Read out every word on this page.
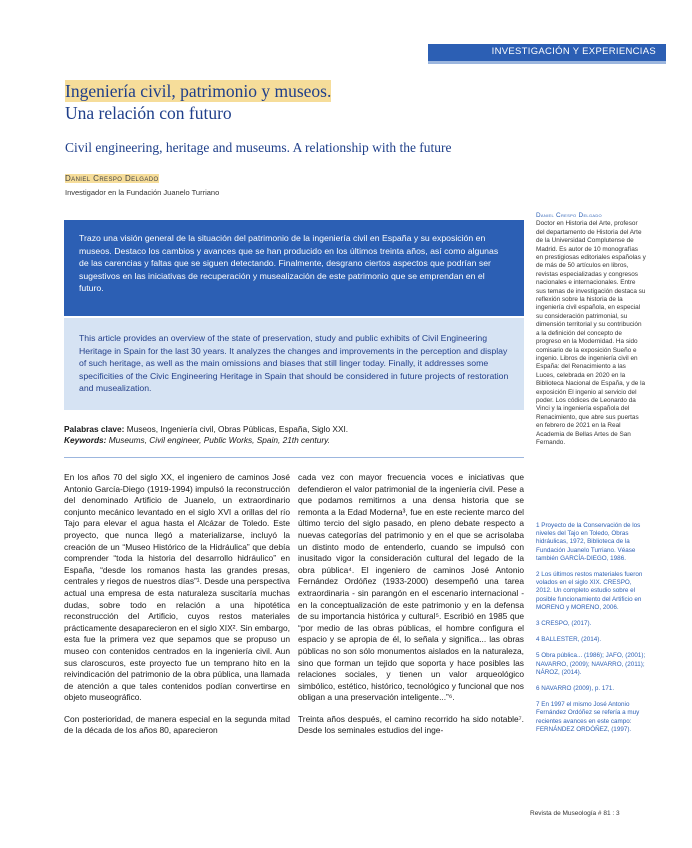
INVESTIGACIÓN Y EXPERIENCIAS
Ingeniería civil, patrimonio y museos.
Una relación con futuro
Civil engineering, heritage and museums. A relationship with the future
Daniel Crespo Delgado
Investigador en la Fundación Juanelo Turriano
Trazo una visión general de la situación del patrimonio de la ingeniería civil en España y su exposición en museos. Destaco los cambios y avances que se han producido en los últimos treinta años, así como algunas de las carencias y faltas que se siguen detectando. Finalmente, desgrano ciertos aspectos que podrían ser sugestivos en las iniciativas de recuperación y musealización de este patrimonio que se emprendan en el futuro.
This article provides an overview of the state of preservation, study and public exhibits of Civil Engineering Heritage in Spain for the last 30 years. It analyzes the changes and improvements in the perception and display of such heritage, as well as the main omissions and biases that still linger today. Finally, it addresses some specificities of the Civic Engineering Heritage in Spain that should be considered in future projects of restoration and musealization.
Palabras clave: Museos, Ingeniería civil, Obras Públicas, España, Siglo XXI.
Keywords: Museums, Civil engineer, Public Works, Spain, 21th century.

En los años 70 del siglo XX, el ingeniero de caminos José Antonio García-Diego (1919-1994) impulsó la reconstrucción del denominado Artificio de Juanelo, un extraordinario conjunto mecánico levantado en el siglo XVI a orillas del río Tajo para elevar el agua hasta el Alcázar de Toledo. Este proyecto, que nunca llegó a materializarse, incluyó la creación de un “Museo Histórico de la Hidráulica” que debía comprender “toda la historia del desarrollo hidráulico” en España, “desde los romanos hasta las grandes presas, centrales y riegos de nuestros días”¹. Desde una perspectiva actual una empresa de esta naturaleza suscitaría muchas dudas, sobre todo en relación a una hipotética reconstrucción del Artificio, cuyos restos materiales prácticamente desaparecieron en el siglo XIX². Sin embargo, esta fue la primera vez que sepamos que se propuso un museo con contenidos centrados en la ingeniería civil. Aun sus claroscuros, este proyecto fue un temprano hito en la reivindicación del patrimonio de la obra pública, una llamada de atención a que tales contenidos podían convertirse en objeto museográfico.

Con posterioridad, de manera especial en la segunda mitad de la década de los años 80, aparecieron

cada vez con mayor frecuencia voces e iniciativas que defendieron el valor patrimonial de la ingeniería civil. Pese a que podamos remitirnos a una densa historia que se remonta a la Edad Moderna³, fue en este reciente marco del último tercio del siglo pasado, en pleno debate respecto a nuevas categorías del patrimonio y en el que se acrisolaba un distinto modo de entenderlo, cuando se impulsó con inusitado vigor la consideración cultural del legado de la obra pública⁴. El ingeniero de caminos José Antonio Fernández Ordóñez (1933-2000) desempeñó una tarea extraordinaria - sin parangón en el escenario internacional - en la conceptualización de este patrimonio y en la defensa de su importancia histórica y cultural⁵. Escribió en 1985 que “por medio de las obras públicas, el hombre configura el espacio y se apropia de él, lo señala y significa... las obras públicas no son sólo monumentos aislados en la naturaleza, sino que forman un tejido que soporta y hace posibles las relaciones sociales, y tienen un valor arqueológico simbólico, estético, histórico, tecnológico y funcional que nos obligan a una preservación inteligente...”⁶.

Treinta años después, el camino recorrido ha sido notable⁷. Desde los seminales estudios del inge-

Daniel Crespo Delgado
Doctor en Historia del Arte, profesor del departamento de Historia del Arte de la Universidad Complutense de Madrid. Es autor de 10 monografías en prestigiosas editoriales españolas y de más de 50 artículos en libros, revistas especializadas y congresos nacionales e internacionales. Entre sus temas de investigación destaca su reflexión sobre la historia de la ingeniería civil española, en especial su consideración patrimonial, su dimensión territorial y su contribución a la definición del concepto de progreso en la Modernidad. Ha sido comisario de la exposición Sueño e ingenio. Libros de ingeniería civil en España: del Renacimiento a las Luces, celebrada en 2020 en la Biblioteca Nacional de España, y de la exposición El ingenio al servicio del poder. Los códices de Leonardo da Vinci y la ingeniería española del Renacimiento, que abre sus puertas en febrero de 2021 en la Real Academia de Bellas Artes de San Fernando.

1 Proyecto de la Conservación de los niveles del Tajo en Toledo, Obras hidráulicas, 1972, Biblioteca de la Fundación Juanelo Turriano. Véase también GARCÍA-DIEGO, 1986.

2 Los últimos restos materiales fueron volados en el siglo XIX. CRESPO, 2012. Un completo estudio sobre el posible funcionamiento del Artificio en MORENO y MORENO, 2006.

3 CRESPO, (2017).

4 BALLESTER, (2014).

5 Obra pública... (1986); JAFO, (2001); NAVARRO, (2009); NAVARRO, (2011); NÁROZ, (2014).

6 NAVARRO (2009), p. 171.

7 En 1997 el mismo José Antonio Fernández Ordóñez se refería a muy recientes avances en este campo: FERNÁNDEZ ORDÓÑEZ, (1997).

Revista de Museología # 81 : 3
